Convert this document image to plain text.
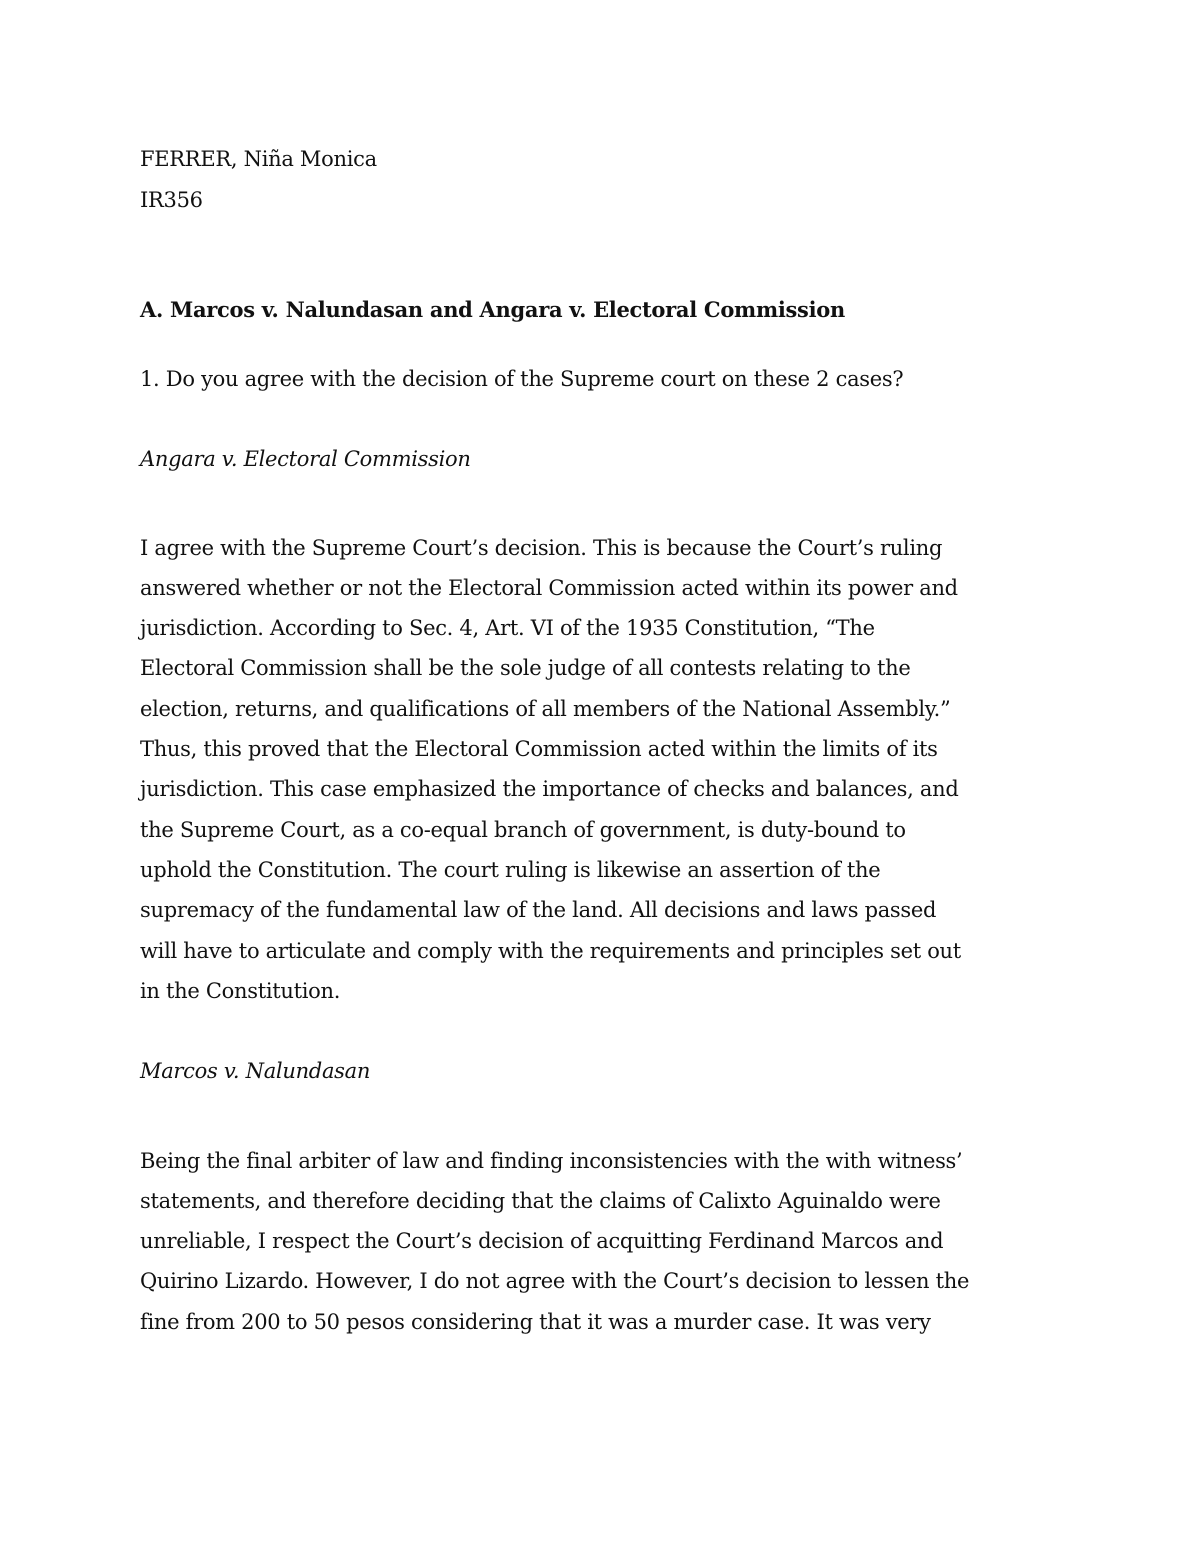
FERRER, Niña Monica
IR356
A. Marcos v. Nalundasan and Angara v. Electoral Commission
1. Do you agree with the decision of the Supreme court on these 2 cases?
Angara v. Electoral Commission
I agree with the Supreme Court’s decision. This is because the Court’s ruling
answered whether or not the Electoral Commission acted within its power and
jurisdiction. According to Sec. 4, Art. VI of the 1935 Constitution, “The
Electoral Commission shall be the sole judge of all contests relating to the
election, returns, and qualifications of all members of the National Assembly.”
Thus, this proved that the Electoral Commission acted within the limits of its
jurisdiction. This case emphasized the importance of checks and balances, and
the Supreme Court, as a co-equal branch of government, is duty-bound to
uphold the Constitution. The court ruling is likewise an assertion of the
supremacy of the fundamental law of the land. All decisions and laws passed
will have to articulate and comply with the requirements and principles set out
in the Constitution.
Marcos v. Nalundasan
Being the final arbiter of law and finding inconsistencies with the with witness’
statements, and therefore deciding that the claims of Calixto Aguinaldo were
unreliable, I respect the Court’s decision of acquitting Ferdinand Marcos and
Quirino Lizardo. However, I do not agree with the Court’s decision to lessen the
fine from 200 to 50 pesos considering that it was a murder case. It was very
